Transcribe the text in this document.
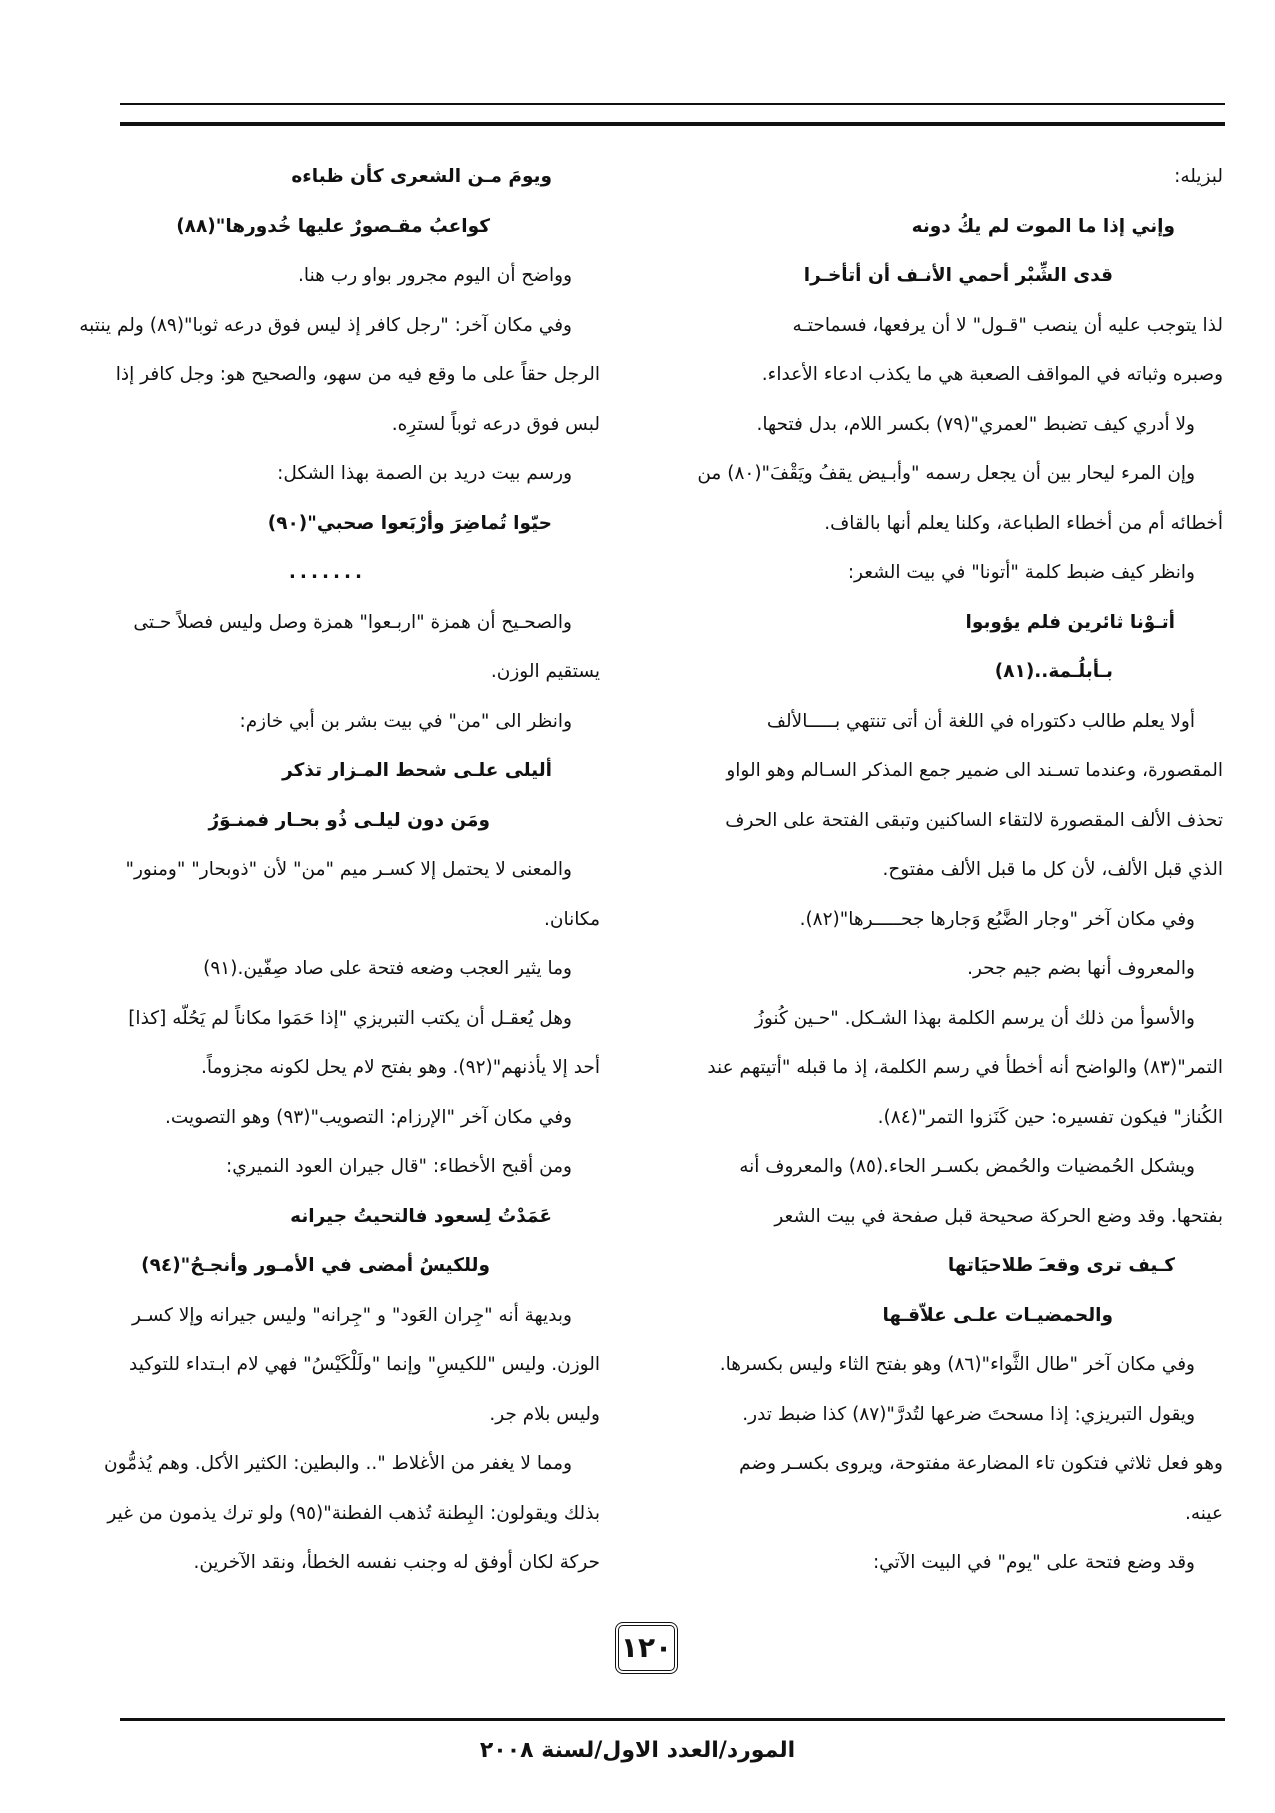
لبزيله:

وإني إذا ما الموت لم يكُ دونه

قدى الشِّبْر أحمي الأنـف أن أتأخـرا

لذا يتوجب عليه أن ينصب "قـول" لا أن يرفعها، فسماحتـه

وصبره وثباته في المواقف الصعبة هي ما يكذب ادعاء الأعداء.

ولا أدري كيف تضبط "لعمري"(٧٩) بكسر اللام، بدل فتحها.

وإن المرء ليحار بين أن يجعل رسمه "وأبـيض يقفُ ويَقْفَ"(٨٠) من

أخطائه أم من أخطاء الطباعة، وكلنا يعلم أنها بالقاف.

وانظر كيف ضبط كلمة "أتونا" في بيت الشعر:

أتـوْنا ثائرين فلم يؤوبوا

بـأبلُـمة..(٨١)

أولا يعلم طالب دكتوراه في اللغة أن أتى تنتهي بـــــالألف

المقصورة، وعندما تسـند الى ضمير جمع المذكر السـالم وهو الواو

تحذف الألف المقصورة لالتقاء الساكنين وتبقى الفتحة على الحرف

الذي قبل الألف، لأن كل ما قبل الألف مفتوح.

وفي مكان آخر "وجار الضَّبُع وَجارها جحـــــرها"(٨٢).

والمعروف أنها بضم جيم جحر.

والأسوأ من ذلك أن يرسم الكلمة بهذا الشـكل. "حـين كُنوزُ

التمر"(٨٣) والواضح أنه أخطأ في رسم الكلمة، إذ ما قبله "أتيتهم عند

الكُناز" فيكون تفسيره: حين كَنَزوا التمر"(٨٤).

ويشكل الحُمضيات والحُمض بكسـر الحاء.(٨٥) والمعروف أنه

بفتحها. وقد وضع الحركة صحيحة قبل صفحة في بيت الشعر

كـيف ترى وقعـَ طلاحيَاتها

والحمضيـات علـى علاّقـها

وفي مكان آخر "طال الثَّواء"(٨٦) وهو بفتح الثاء وليس بكسرها.

ويقول التبريزي: إذا مسحتَ ضرعها لتُدرَّ"(٨٧) كذا ضبط تدر.

وهو فعل ثلاثي فتكون تاء المضارعة مفتوحة، ويروى بكسـر وضم

عينه.

وقد وضع فتحة على "يوم" في البيت الآتي:

ويومَ مـن الشعرى كأن ظباءه

كواعبُ مقـصورٌ عليها خُدورها"(٨٨)

وواضح أن اليوم مجرور بواو رب هنا.

وفي مكان آخر: "رجل كافر إذ ليس فوق درعه ثوبا"(٨٩) ولم ينتبه

الرجل حقاً على ما وقع فيه من سهو، والصحيح هو: وجل كافر إذا

لبس فوق درعه ثوباً لسترِه.

ورسم بيت دريد بن الصمة بهذا الشكل:

حيّوا تُماضِرَ وأرْبَعوا صحبي"(٩٠)

.......

والصحـيح أن همزة "اربـعوا" همزة وصل وليس فصلاً حـتى

يستقيم الوزن.

وانظر الى "من" في بيت بشر بن أبي خازم:

أليلى علـى شحط المـزار تذكر

ومَن دون ليلـى ذُو بحـار فمنـوَرُ

والمعنى لا يحتمل إلا كسـر ميم "من" لأن "ذوبحار" "ومنور"

مكانان.

وما يثير العجب وضعه فتحة على صاد صِفّين.(٩١)

وهل يُعقـل أن يكتب التبريزي "إذا حَمَوا مكاناً لم يَحُلّه [كذا]

أحد إلا يأذنهم"(٩٢). وهو بفتح لام يحل لكونه مجزوماً.

وفي مكان آخر "الإرزام: التصويب"(٩٣) وهو التصويت.

ومن أقبح الأخطاء: "قال جيران العود النميري:

عَمَدْتُ لِسعود فالتحيتُ جيرانه

وللكيسُ أمضى في الأمـور وأنجـحُ"(٩٤)

وبديهة أنه "جِران العَود" و "جِرانه" وليس جيرانه وإلا كسـر

الوزن. وليس "للكيسِ" وإنما "ولَلْكَيْسُ" فهي لام ابـتداء للتوكيد

وليس بلام جر.

ومما لا يغفر من الأغلاط ".. والبطين: الكثير الأكل. وهم يُذمُّون

بذلك ويقولون: البِطنة تُذهب الفطنة"(٩٥) ولو ترك يذمون من غير

حركة لكان أوفق له وجنب نفسه الخطأ، ونقد الآخرين.

١٢٠
المورد/العدد الاول/لسنة ٢٠٠٨
